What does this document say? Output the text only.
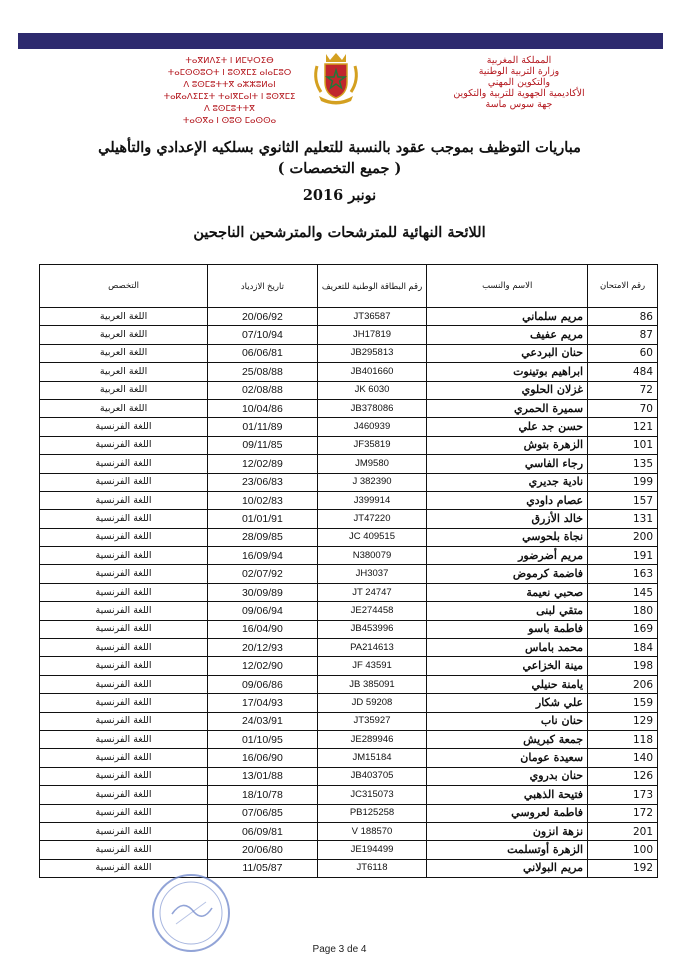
المملكة المغربية
وزارة التربية الوطنية
والتكوين المهني
الأكاديمية الجهوية للتربية والتكوين
جهة سوس ماسة
ⵜⴰⴳⵍⴷⵉⵜ ⵏ ⵍⵎⵖⵔⵉⴱ
ⵜⴰⵎⵙⵙⵓⵔⵜ ⵏ ⵓⵙⴳⵎⵉ ⴰⵏⴰⵎⵓⵔ
ⴷ ⵓⵙⵎⵓⵜⵜⴳ ⴰⵣⵣⵓⵍⴰⵏ
ⵜⴰⴽⴰⴷⵉⵎⵉⵜ ⵜⴰⵏⴳⵎⴰⵏⵜ ⵏ ⵓⵙⴳⵎⵉ
ⴷ ⵓⵙⵎⵓⵜⵜⴳ
ⵜⴰⵙⴳⴰ ⵏ ⵙⵓⵙ ⵎⴰⵙⵙⴰ
مباريات التوظيف بموجب عقود بالنسبة للتعليم الثانوي بسلكيه الإعدادي والتأهيلي
( جميع التخصصات )
نونبر 2016
اللائحة النهائية للمترشحات والمترشحين الناجحين
رقم الامتحان	الاسم والنسب	رقم البطاقة الوطنية للتعريف	تاريخ الازدياد	التخصص
86	مريم سلماني	JT36587	20/06/92	اللغة العربية
87	مريم عفيف	JH17819	07/10/94	اللغة العربية
60	حنان البردعي	JB295813	06/06/81	اللغة العربية
484	ابراهيم بوتينوت	JB401660	25/08/88	اللغة العربية
72	غزلان الحلوي	JK 6030	02/08/88	اللغة العربية
70	سميرة الحمري	JB378086	10/04/86	اللغة العربية
121	حسن جد علي	J460939	01/11/89	اللغة الفرنسية
101	الزهرة بتوش	JF35819	09/11/85	اللغة الفرنسية
135	رجاء الفاسي	JM9580	12/02/89	اللغة الفرنسية
199	نادية جديري	J 382390	23/06/83	اللغة الفرنسية
157	عصام داودي	J399914	10/02/83	اللغة الفرنسية
131	خالد الأزرق	JT47220	01/01/91	اللغة الفرنسية
200	نجاة بلحوسي	JC 409515	28/09/85	اللغة الفرنسية
191	مريم أضرضور	N380079	16/09/94	اللغة الفرنسية
163	فاضمة كرموض	JH3037	02/07/92	اللغة الفرنسية
145	صحبي نعيمة	JT 24747	30/09/89	اللغة الفرنسية
180	متقي لبنى	JE274458	09/06/94	اللغة الفرنسية
169	فاطمة باسو	JB453996	16/04/90	اللغة الفرنسية
184	محمد باماس	PA214613	20/12/93	اللغة الفرنسية
198	مينة الخزاعي	JF 43591	12/02/90	اللغة الفرنسية
206	يامنة حنيلي	JB 385091	09/06/86	اللغة الفرنسية
159	علي شكار	JD 59208	17/04/93	اللغة الفرنسية
129	حنان ناب	JT35927	24/03/91	اللغة الفرنسية
118	جمعة كبريش	JE289946	01/10/95	اللغة الفرنسية
140	سعيدة عومان	JM15184	16/06/90	اللغة الفرنسية
126	حنان بدروي	JB403705	13/01/88	اللغة الفرنسية
173	فتيحة الذهبي	JC315073	18/10/78	اللغة الفرنسية
172	فاطمة لعروسي	PB125258	07/06/85	اللغة الفرنسية
201	نزهة انزون	V 188570	06/09/81	اللغة الفرنسية
100	الزهرة أوتسلمت	JE194499	20/06/80	اللغة الفرنسية
192	مريم البولاني	JT6118	11/05/87	اللغة الفرنسية
Page 3 de 4
